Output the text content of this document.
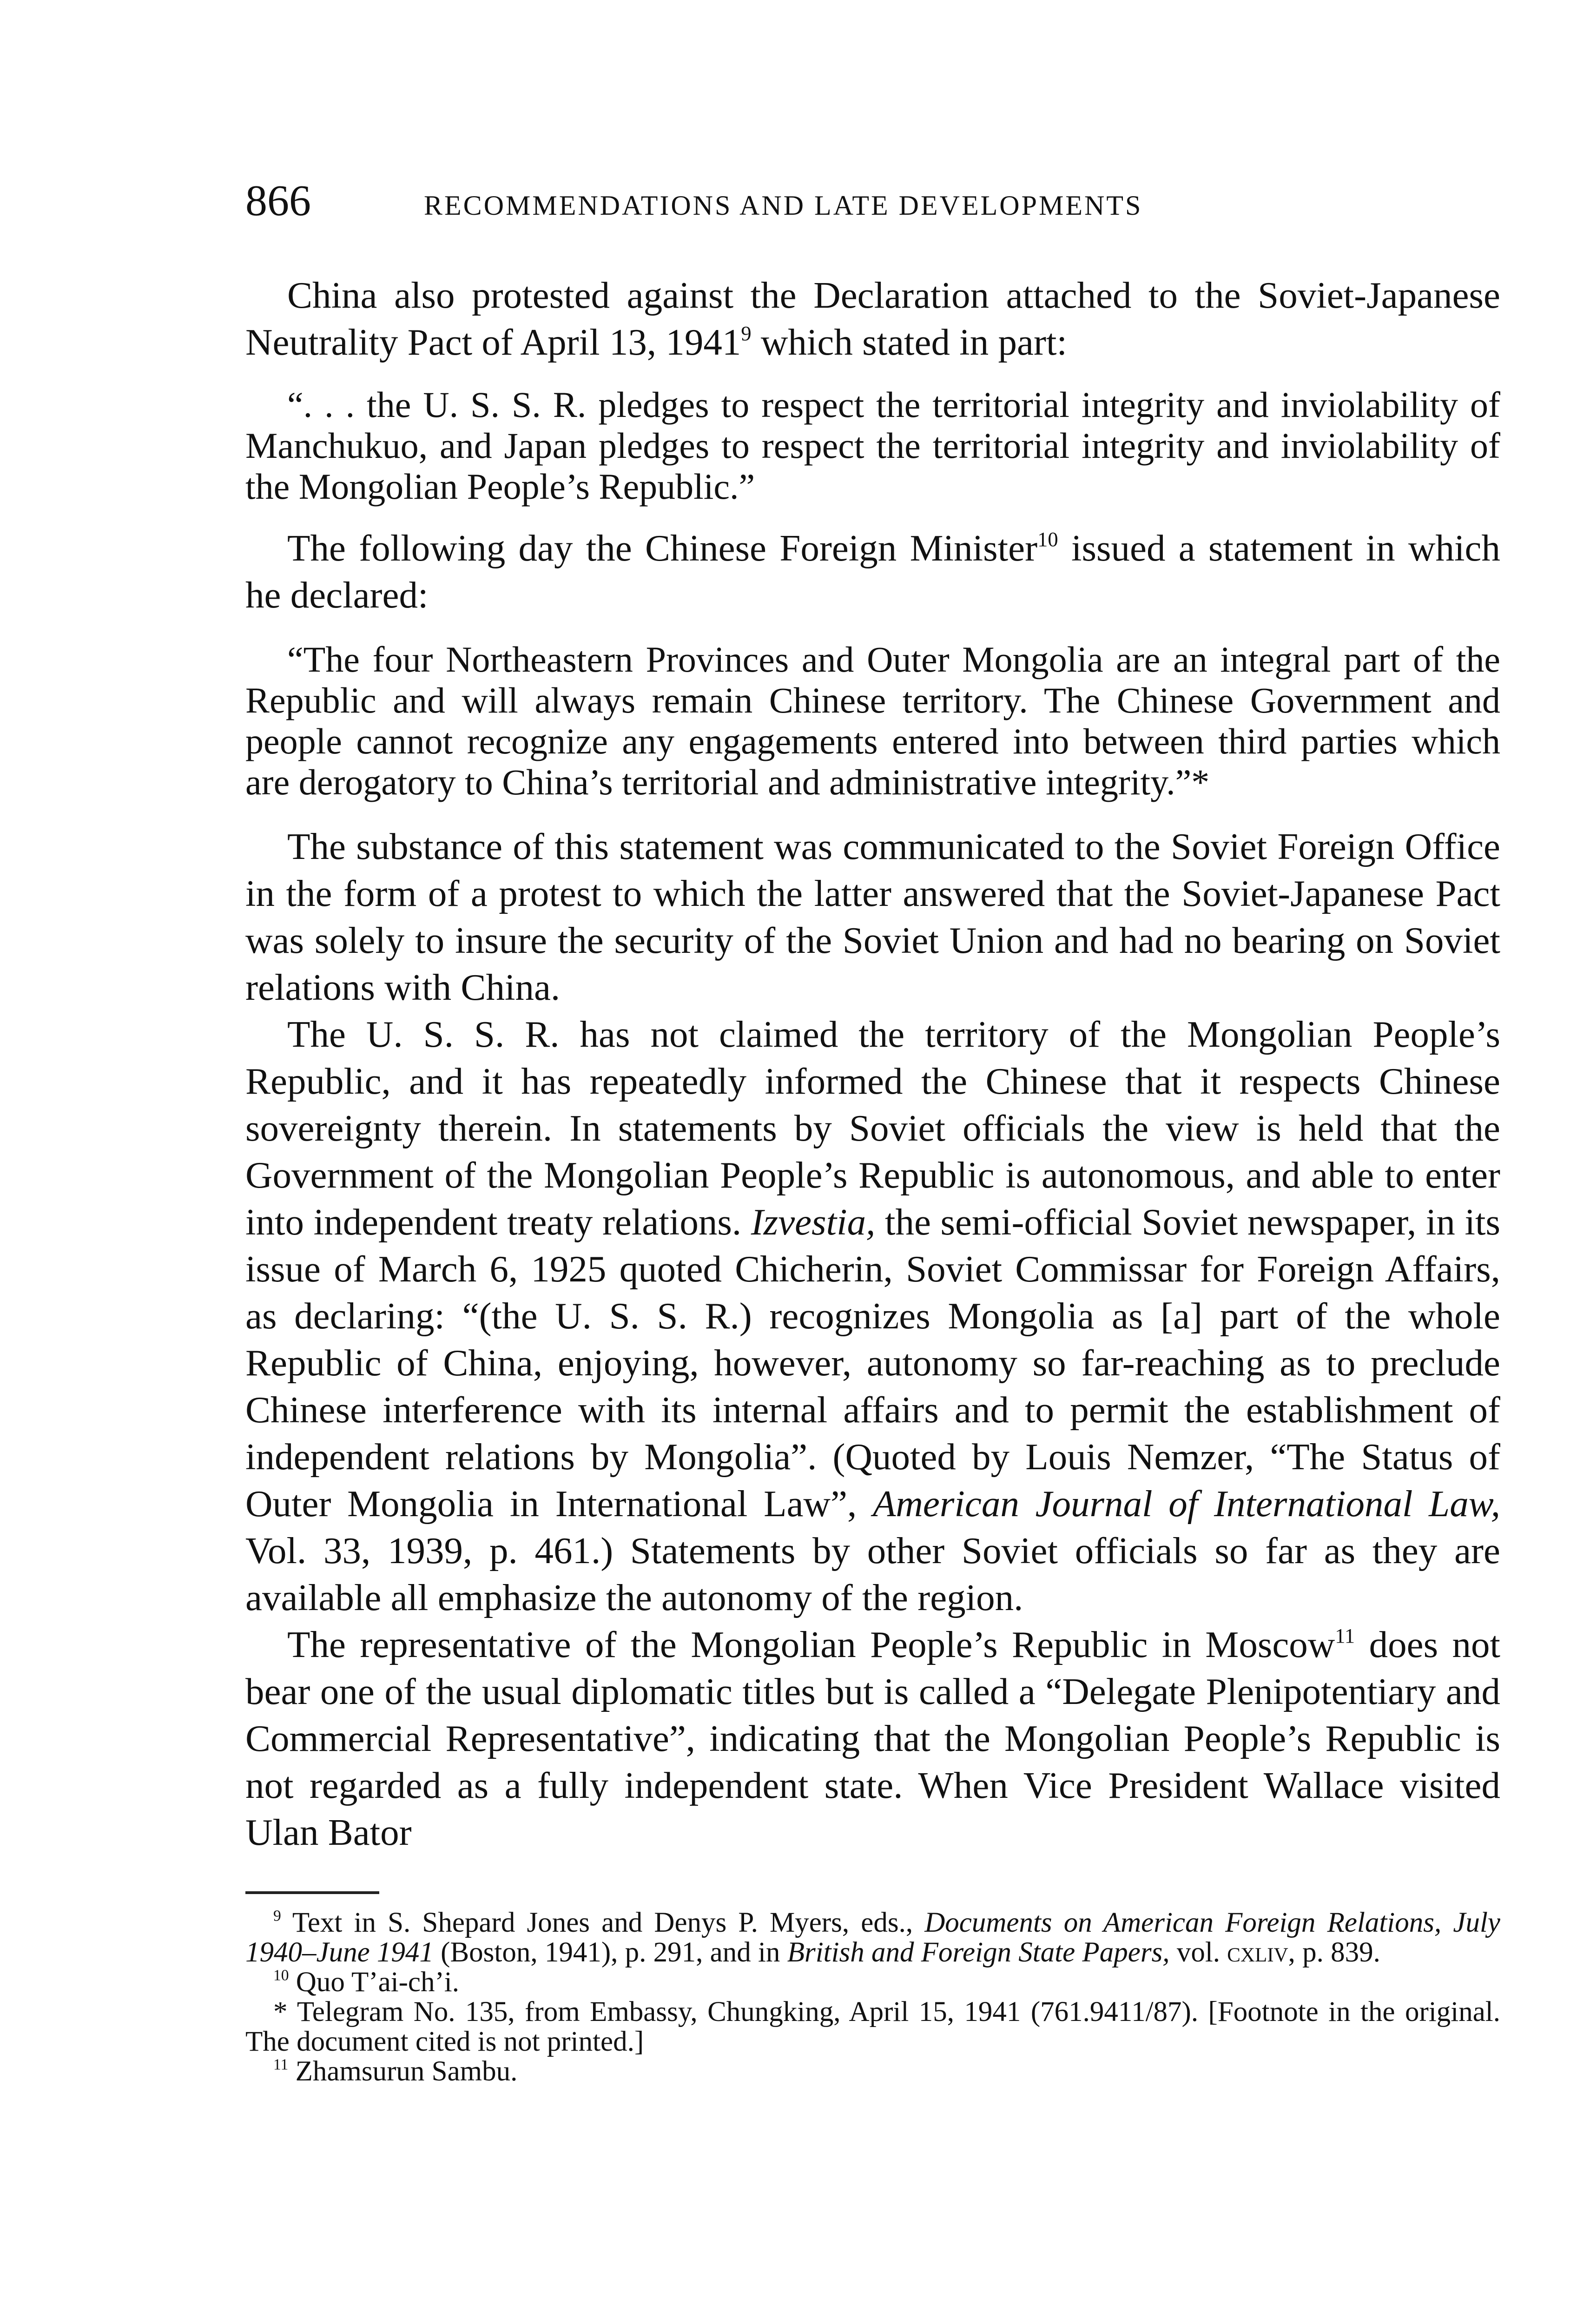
866	RECOMMENDATIONS AND LATE DEVELOPMENTS

China also protested against the Declaration attached to the Soviet-Japanese Neutrality Pact of April 13, 1941$^9$ which stated in part:

“. . . the U. S. S. R. pledges to respect the territorial integrity and inviolability of Manchukuo, and Japan pledges to respect the territorial integrity and inviolability of the Mongolian People’s Republic.”

The following day the Chinese Foreign Minister$^{10}$ issued a statement in which he declared:

“The four Northeastern Provinces and Outer Mongolia are an integral part of the Republic and will always remain Chinese territory. The Chinese Government and people cannot recognize any engagements entered into between third parties which are derogatory to China’s territorial and administrative integrity.”*

The substance of this statement was communicated to the Soviet Foreign Office in the form of a protest to which the latter answered that the Soviet-Japanese Pact was solely to insure the security of the Soviet Union and had no bearing on Soviet relations with China.

The U. S. S. R. has not claimed the territory of the Mongolian People’s Republic, and it has repeatedly informed the Chinese that it respects Chinese sovereignty therein. In statements by Soviet officials the view is held that the Government of the Mongolian People’s Republic is autonomous, and able to enter into independent treaty relations. Izvestia, the semi-official Soviet newspaper, in its issue of March 6, 1925 quoted Chicherin, Soviet Commissar for Foreign Affairs, as declaring: “(the U. S. S. R.) recognizes Mongolia as [a] part of the whole Republic of China, enjoying, however, autonomy so far-reaching as to preclude Chinese interference with its internal affairs and to permit the establishment of independent relations by Mongolia”. (Quoted by Louis Nemzer, “The Status of Outer Mongolia in International Law”, American Journal of International Law, Vol. 33, 1939, p. 461.) Statements by other Soviet officials so far as they are available all emphasize the autonomy of the region.

The representative of the Mongolian People’s Republic in Moscow$^{11}$ does not bear one of the usual diplomatic titles but is called a “Delegate Plenipotentiary and Commercial Representative”, indicating that the Mongolian People’s Republic is not regarded as a fully independent state. When Vice President Wallace visited Ulan Bator

$^9$ Text in S. Shepard Jones and Denys P. Myers, eds., Documents on American Foreign Relations, July 1940–June 1941 (Boston, 1941), p. 291, and in British and Foreign State Papers, vol. cxliv, p. 839.

$^{10}$ Quo T’ai-ch’i.

* Telegram No. 135, from Embassy, Chungking, April 15, 1941 (761.9411/87). [Footnote in the original. The document cited is not printed.]

$^{11}$ Zhamsurun Sambu.
